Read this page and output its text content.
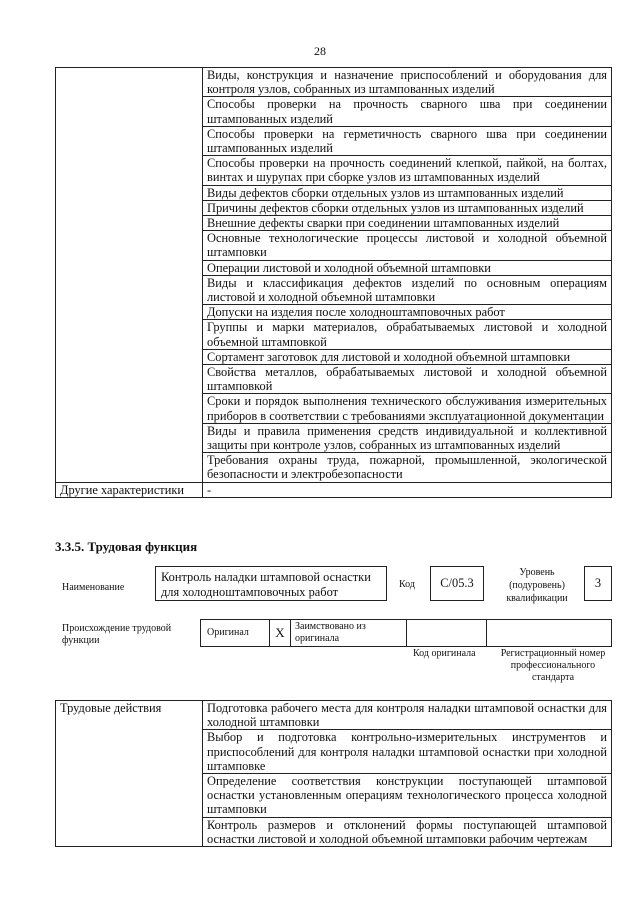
28
	Виды, конструкция и назначение приспособлений и оборудования для контроля узлов, собранных из штампованных изделий
	Способы проверки на прочность сварного шва при соединении штампованных изделий
	Способы проверки на герметичность сварного шва при соединении штампованных изделий
	Способы проверки на прочность соединений клепкой, пайкой, на болтах, винтах и шурупах при сборке узлов из штампованных изделий
	Виды дефектов сборки отдельных узлов из штампованных изделий
	Причины дефектов сборки отдельных узлов из штампованных изделий
	Внешние дефекты сварки при соединении штампованных изделий
	Основные технологические процессы листовой и холодной объемной штамповки
	Операции листовой и холодной объемной штамповки
	Виды и классификация дефектов изделий по основным операциям листовой и холодной объемной штамповки
	Допуски на изделия после холодноштамповочных работ
	Группы и марки материалов, обрабатываемых листовой и холодной объемной штамповкой
	Сортамент заготовок для листовой и холодной объемной штамповки
	Свойства металлов, обрабатываемых листовой и холодной объемной штамповкой
	Сроки и порядок выполнения технического обслуживания измерительных приборов в соответствии с требованиями эксплуатационной документации
	Виды и правила применения средств индивидуальной и коллективной защиты при контроле узлов, собранных из штампованных изделий
	Требования охраны труда, пожарной, промышленной, экологической безопасности и электробезопасности
Другие характеристики	-
3.3.5. Трудовая функция
Наименование
Контроль наладки штамповой оснастки для холодноштамповочных работ	Код	С/05.3
Уровень (подуровень) квалификации
3
Происхождение трудовой функции
Оригинал	X	Заимствовано из оригинала
Код оригинала	Регистрационный номер профессионального стандарта
Трудовые действия	Подготовка рабочего места для контроля наладки штамповой оснастки для холодной штамповки
Выбор и подготовка контрольно-измерительных инструментов и приспособлений для контроля наладки штамповой оснастки при холодной штамповке
Определение соответствия конструкции поступающей штамповой оснастки установленным операциям технологического процесса холодной штамповки
Контроль размеров и отклонений формы поступающей штамповой оснастки листовой и холодной объемной штамповки рабочим чертежам
